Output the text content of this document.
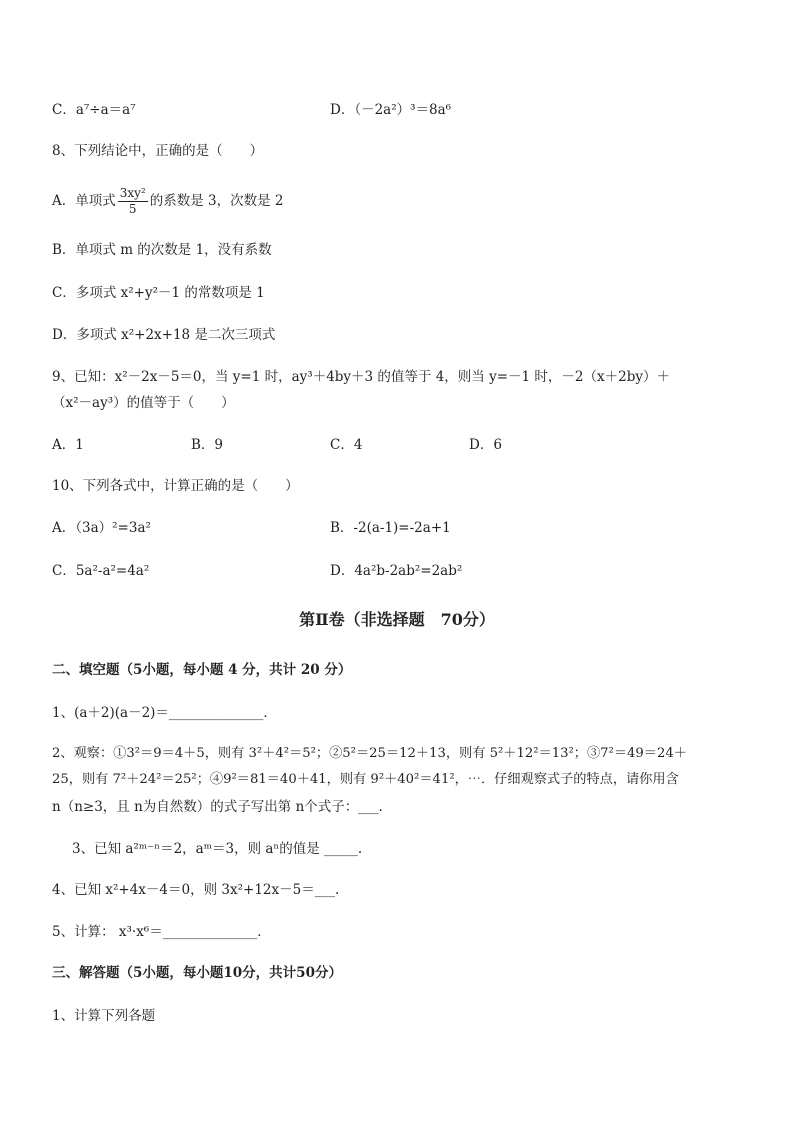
C．a⁷÷a＝a⁷	D．（－2a²）³＝8a⁶
8、下列结论中，正确的是（　　）
A．单项式 $\frac{\text{3xy²}}{5}$ 的系数是 3，次数是 2
B．单项式 m 的次数是 1，没有系数
C．多项式 x²+y²－1 的常数项是 1
D．多项式 x²+2x+18 是二次三项式
9、已知：x²－2x－5＝0，当 y=1 时，ay³＋4by＋3 的值等于 4，则当 y=－1 时，－2（x＋2by）＋
（x²－ay³）的值等于（　　）
A．1	B．9	C．4	D．6
10、下列各式中，计算正确的是（　　）
A．（3a）²=3a²	B．-2(a-1)=-2a+1
C．5a²-a²=4a²	D．4a²b-2ab²=2ab²
第Ⅱ卷（非选择题　70分）
二、填空题（5小题，每小题 4 分，共计 20 分）
1、(a＋2)(a－2)＝______________．
2、观察：①3²＝9＝4＋5，则有 3²＋4²＝5²；②5²＝25＝12＋13，则有 5²＋12²＝13²；③7²＝49＝24＋
25，则有 7²＋24²＝25²；④9²＝81＝40＋41，则有 9²＋40²＝41²，⋯．仔细观察式子的特点，请你用含
n（n≥3，且 n为自然数）的式子写出第 n个式子：___.
3、已知 a²ᵐ⁻ⁿ＝2，aᵐ＝3，则 aⁿ的值是 _____.
4、已知 x²+4x－4＝0，则 3x²+12x－5＝___.
5、计算： x³·x⁶＝______________．
三、解答题（5小题，每小题10分，共计50分）
1、计算下列各题
